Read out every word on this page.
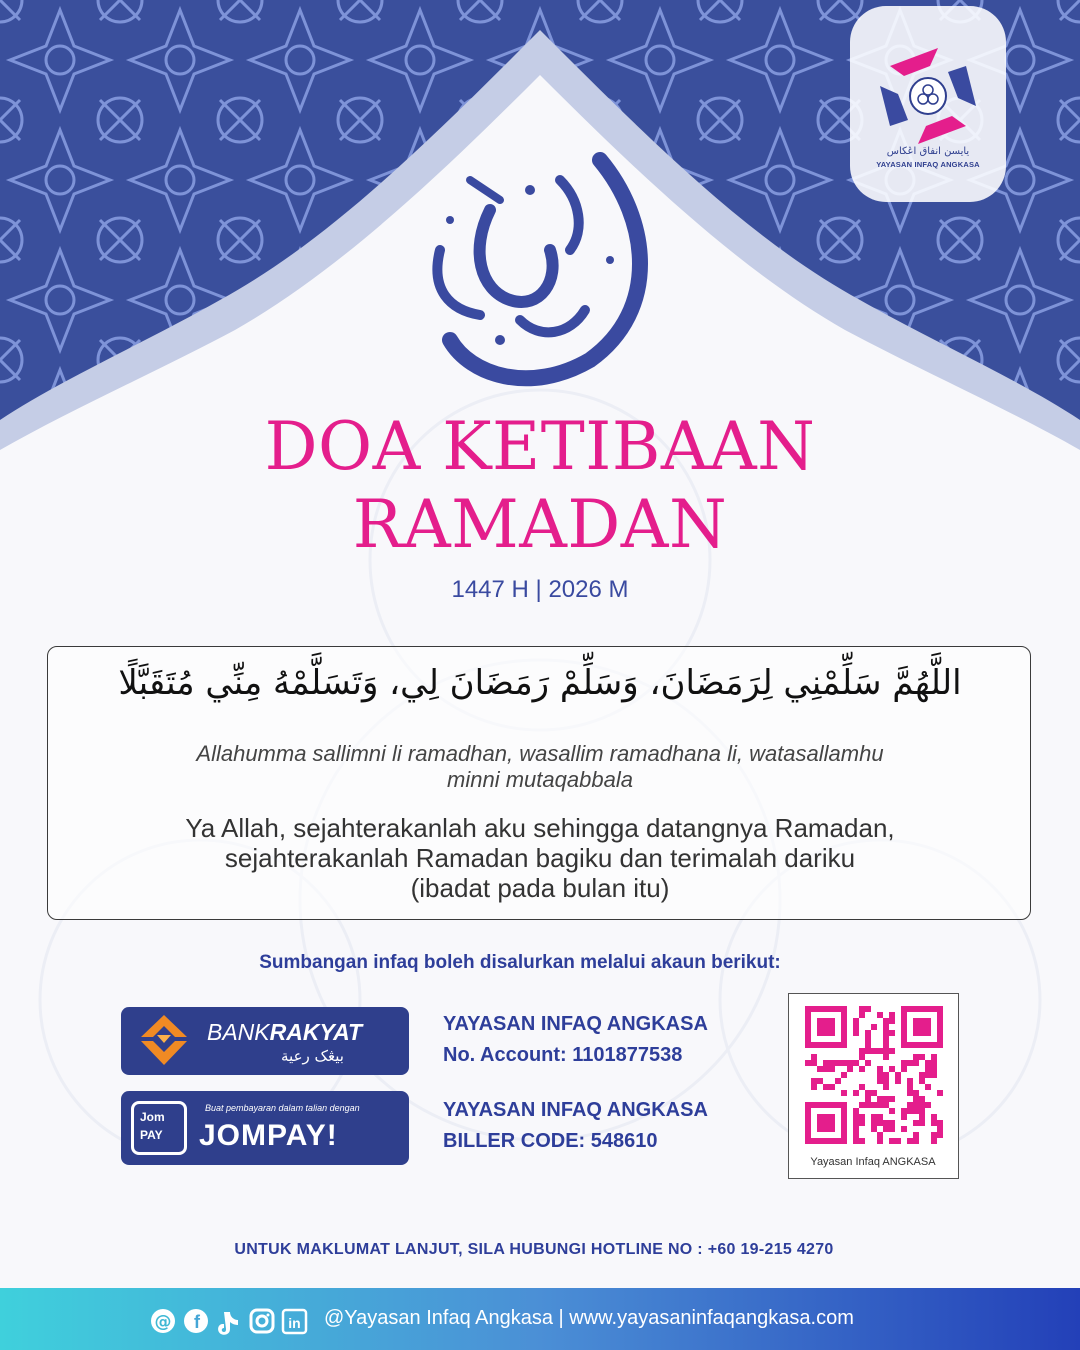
يايسن انفاق اڠكاس
YAYASAN INFAQ ANGKASA
DOA KETIBAAN
RAMADAN
1447 H | 2026 M
اللَّهُمَّ سَلِّمْنِي لِرَمَضَانَ، وَسَلِّمْ رَمَضَانَ لِي، وَتَسَلَّمْهُ مِنِّي مُتَقَبَّلًا
Allahumma sallimni li ramadhan, wasallim ramadhana li, watasallamhu
minni mutaqabbala
Ya Allah, sejahterakanlah aku sehingga datangnya Ramadan,
sejahterakanlah Ramadan bagiku dan terimalah dariku
(ibadat pada bulan itu)
Sumbangan infaq boleh disalurkan melalui akaun berikut:
BANKRAKYAT
بيڠک رعية
YAYASAN INFAQ ANGKASA
No. Account: 1101877538
Jom
PAY
Buat pembayaran dalam talian dengan
JOMPAY!
YAYASAN INFAQ ANGKASA
BILLER CODE: 548610
Yayasan Infaq ANGKASA
UNTUK MAKLUMAT LANJUT, SILA HUBUNGI HOTLINE NO : +60 19-215 4270
@ f	in @Yayasan Infaq Angkasa | www.yayasaninfaqangkasa.com
